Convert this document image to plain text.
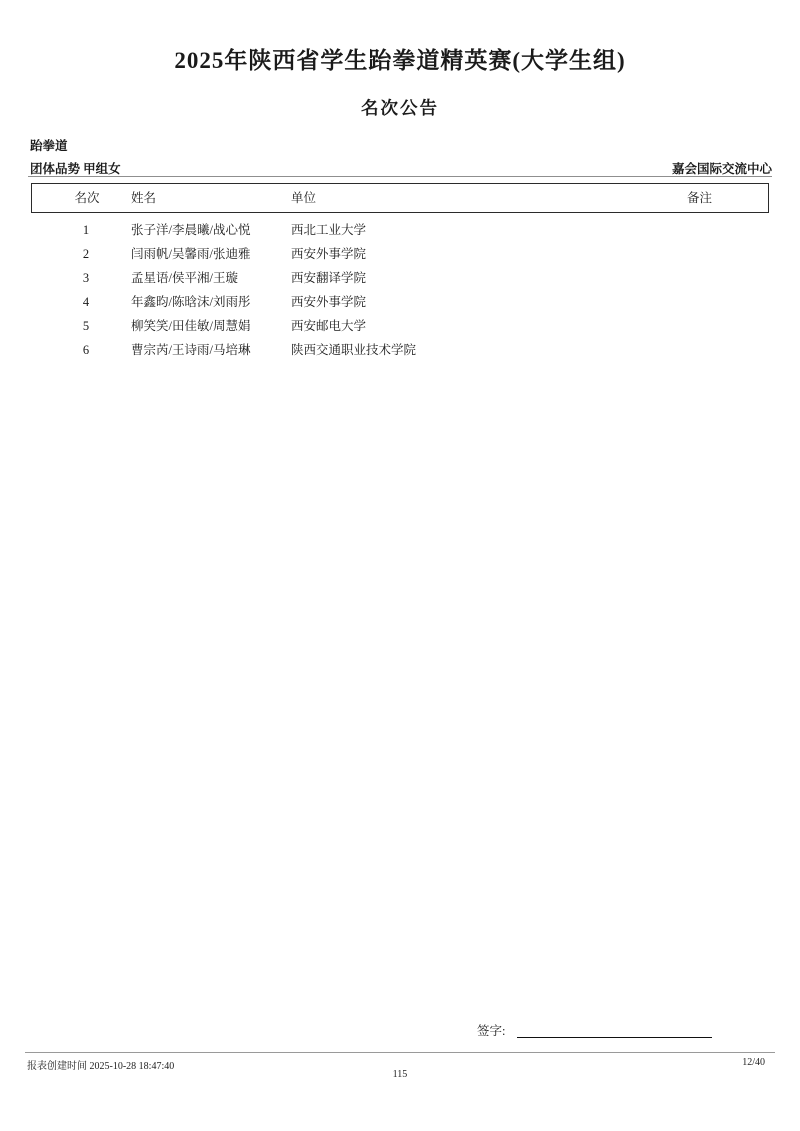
2025年陕西省学生跆拳道精英赛(大学生组)
名次公告
跆拳道
团体品势 甲组女	嘉会国际交流中心
名次	姓名	单位	备注
1	张子洋/李晨曦/战心悦	西北工业大学
2	闫雨帆/吴馨雨/张迪雅	西安外事学院
3	孟星语/侯平湘/王璇	西安翻译学院
4	年鑫昀/陈晗沫/刘雨彤	西安外事学院
5	柳笑笑/田佳敏/周慧娟	西安邮电大学
6	曹宗芮/王诗雨/马培琳	陕西交通职业技术学院
签字:
报表创建时间 2025-10-28 18:47:40	12/40
115
